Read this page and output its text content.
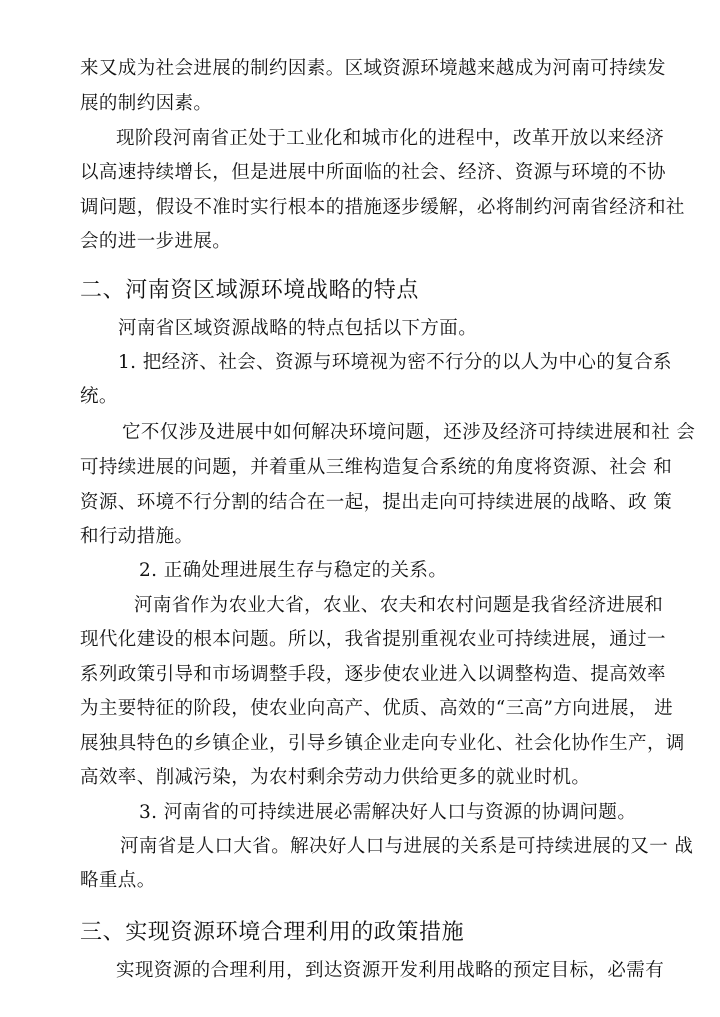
来又成为社会进展的制约因素。区域资源环境越来越成为河南可持续发
展的制约因素。
现阶段河南省正处于工业化和城市化的进程中，改革开放以来经济
以高速持续增长，但是进展中所面临的社会、经济、资源与环境的不协
调问题，假设不准时实行根本的措施逐步缓解，必将制约河南省经济和社
会的进一步进展。
二、河南资区域源环境战略的特点
河南省区域资源战略的特点包括以下方面。
1. 把经济、社会、资源与环境视为密不行分的以人为中心的复合系
统。
它不仅涉及进展中如何解决环境问题，还涉及经济可持续进展和社 会
可持续进展的问题，并着重从三维构造复合系统的角度将资源、社会 和
资源、环境不行分割的结合在一起，提出走向可持续进展的战略、政 策
和行动措施。
2. 正确处理进展生存与稳定的关系。
河南省作为农业大省，农业、农夫和农村问题是我省经济进展和
现代化建设的根本问题。所以，我省提别重视农业可持续进展，通过一
系列政策引导和市场调整手段，逐步使农业进入以调整构造、提高效率
为主要特征的阶段，使农业向高产、优质、高效的“三高”方向进展， 进
展独具特色的乡镇企业，引导乡镇企业走向专业化、社会化协作生产，调
高效率、削减污染，为农村剩余劳动力供给更多的就业时机。
3. 河南省的可持续进展必需解决好人口与资源的协调问题。
河南省是人口大省。解决好人口与进展的关系是可持续进展的又一 战
略重点。
三、实现资源环境合理利用的政策措施
实现资源的合理利用，到达资源开发利用战略的预定目标，必需有
